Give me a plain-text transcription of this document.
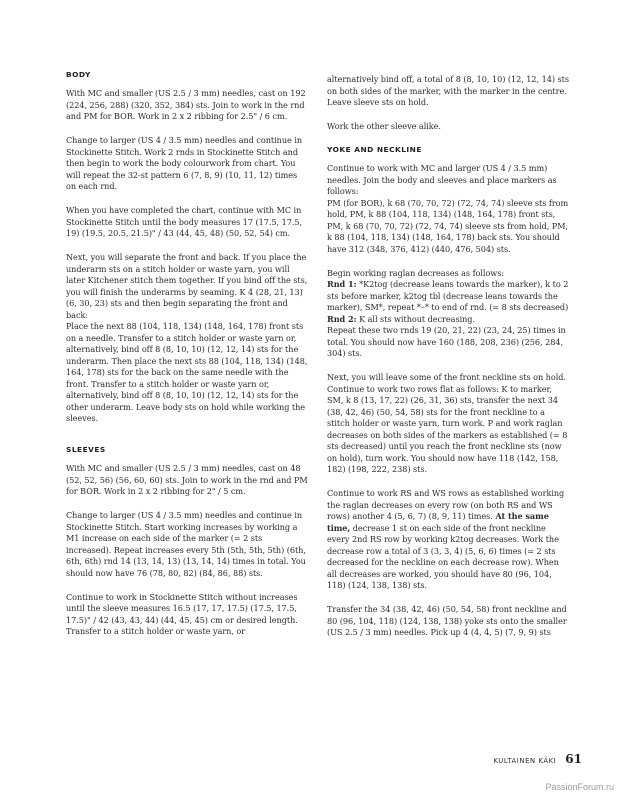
BODY

With MC and smaller (US 2.5 / 3 mm) needles, cast on 192 (224, 256, 288) (320, 352, 384) sts. Join to work in the rnd and PM for BOR. Work in 2 x 2 ribbing for 2.5" / 6 cm.

Change to larger (US 4 / 3.5 mm) needles and continue in Stockinette Stitch. Work 2 rnds in Stockinette Stitch and then begin to work the body colourwork from chart. You will repeat the 32-st pattern 6 (7, 8, 9) (10, 11, 12) times on each rnd.

When you have completed the chart, continue with MC in Stockinette Stitch until the body measures 17 (17.5, 17.5, 19) (19.5, 20.5, 21.5)" / 43 (44, 45, 48) (50, 52, 54) cm.

Next, you will separate the front and back. If you place the underarm sts on a stitch holder or waste yarn, you will later Kitchener stitch them together. If you bind off the sts, you will finish the underarms by seaming. K 4 (28, 21, 13) (6, 30, 23) sts and then begin separating the front and back:

Place the next 88 (104, 118, 134) (148, 164, 178) front sts on a needle. Transfer to a stitch holder or waste yarn or, alternatively, bind off 8 (8, 10, 10) (12, 12, 14) sts for the underarm. Then place the next sts 88 (104, 118, 134) (148, 164, 178) sts for the back on the same needle with the front. Transfer to a stitch holder or waste yarn or, alternatively, bind off 8 (8, 10, 10) (12, 12, 14) sts for the other underarm. Leave body sts on hold while working the sleeves.

SLEEVES

With MC and smaller (US 2.5 / 3 mm) needles, cast on 48 (52, 52, 56) (56, 60, 60) sts. Join to work in the rnd and PM for BOR. Work in 2 x 2 ribbing for 2" / 5 cm.

Change to larger (US 4 / 3.5 mm) needles and continue in Stockinette Stitch. Start working increases by working a M1 increase on each side of the marker (= 2 sts increased). Repeat increases every 5th (5th, 5th, 5th) (6th, 6th, 6th) rnd 14 (13, 14, 13) (13, 14, 14) times in total. You should now have 76 (78, 80, 82) (84, 86, 88) sts.

Continue to work in Stockinette Stitch without increases until the sleeve measures 16.5 (17, 17, 17.5) (17.5, 17.5, 17.5)" / 42 (43, 43, 44) (44, 45, 45) cm or desired length. Transfer to a stitch holder or waste yarn, or

alternatively bind off, a total of 8 (8, 10, 10) (12, 12, 14) sts on both sides of the marker, with the marker in the centre. Leave sleeve sts on hold.

Work the other sleeve alike.

YOKE AND NECKLINE

Continue to work with MC and larger (US 4 / 3.5 mm) needles. Join the body and sleeves and place markers as follows:
PM (for BOR), k 68 (70, 70, 72) (72, 74, 74) sleeve sts from hold, PM, k 88 (104, 118, 134) (148, 164, 178) front sts, PM, k 68 (70, 70, 72) (72, 74, 74) sleeve sts from hold, PM, k 88 (104, 118, 134) (148, 164, 178) back sts. You should have 312 (348, 376, 412) (440, 476, 504) sts.

Begin working raglan decreases as follows:
Rnd 1: *K2tog (decrease leans towards the marker), k to 2 sts before marker, k2tog tbl (decrease leans towards the marker), SM*, repeat *–* to end of rnd. (= 8 sts decreased)
Rnd 2: K all sts without decreasing.
Repeat these two rnds 19 (20, 21, 22) (23, 24, 25) times in total. You should now have 160 (188, 208, 236) (256, 284, 304) sts.

Next, you will leave some of the front neckline sts on hold. Continue to work two rows flat as follows: K to marker, SM, k 8 (13, 17, 22) (26, 31, 36) sts, transfer the next 34 (38, 42, 46) (50, 54, 58) sts for the front neckline to a stitch holder or waste yarn, turn work. P and work raglan decreases on both sides of the markers as established (= 8 sts decreased) until you reach the front neckline sts (now on hold), turn work. You should now have 118 (142, 158, 182) (198, 222, 238) sts.

Continue to work RS and WS rows as established working the raglan decreases on every row (on both RS and WS rows) another 4 (5, 6, 7) (8, 9, 11) times. At the same time, decrease 1 st on each side of the front neckline every 2nd RS row by working k2tog decreases. Work the decrease row a total of 3 (3, 3, 4) (5, 6, 6) times (= 2 sts decreased for the neckline on each decrease row). When all decreases are worked, you should have 80 (96, 104, 118) (124, 138, 138) sts.

Transfer the 34 (38, 42, 46) (50, 54, 58) front neckline and 80 (96, 104, 118) (124, 138, 138) yoke sts onto the smaller (US 2.5 / 3 mm) needles. Pick up 4 (4, 4, 5) (7, 9, 9) sts

KULTAINEN KÄKI 61
PassionForum.ru
